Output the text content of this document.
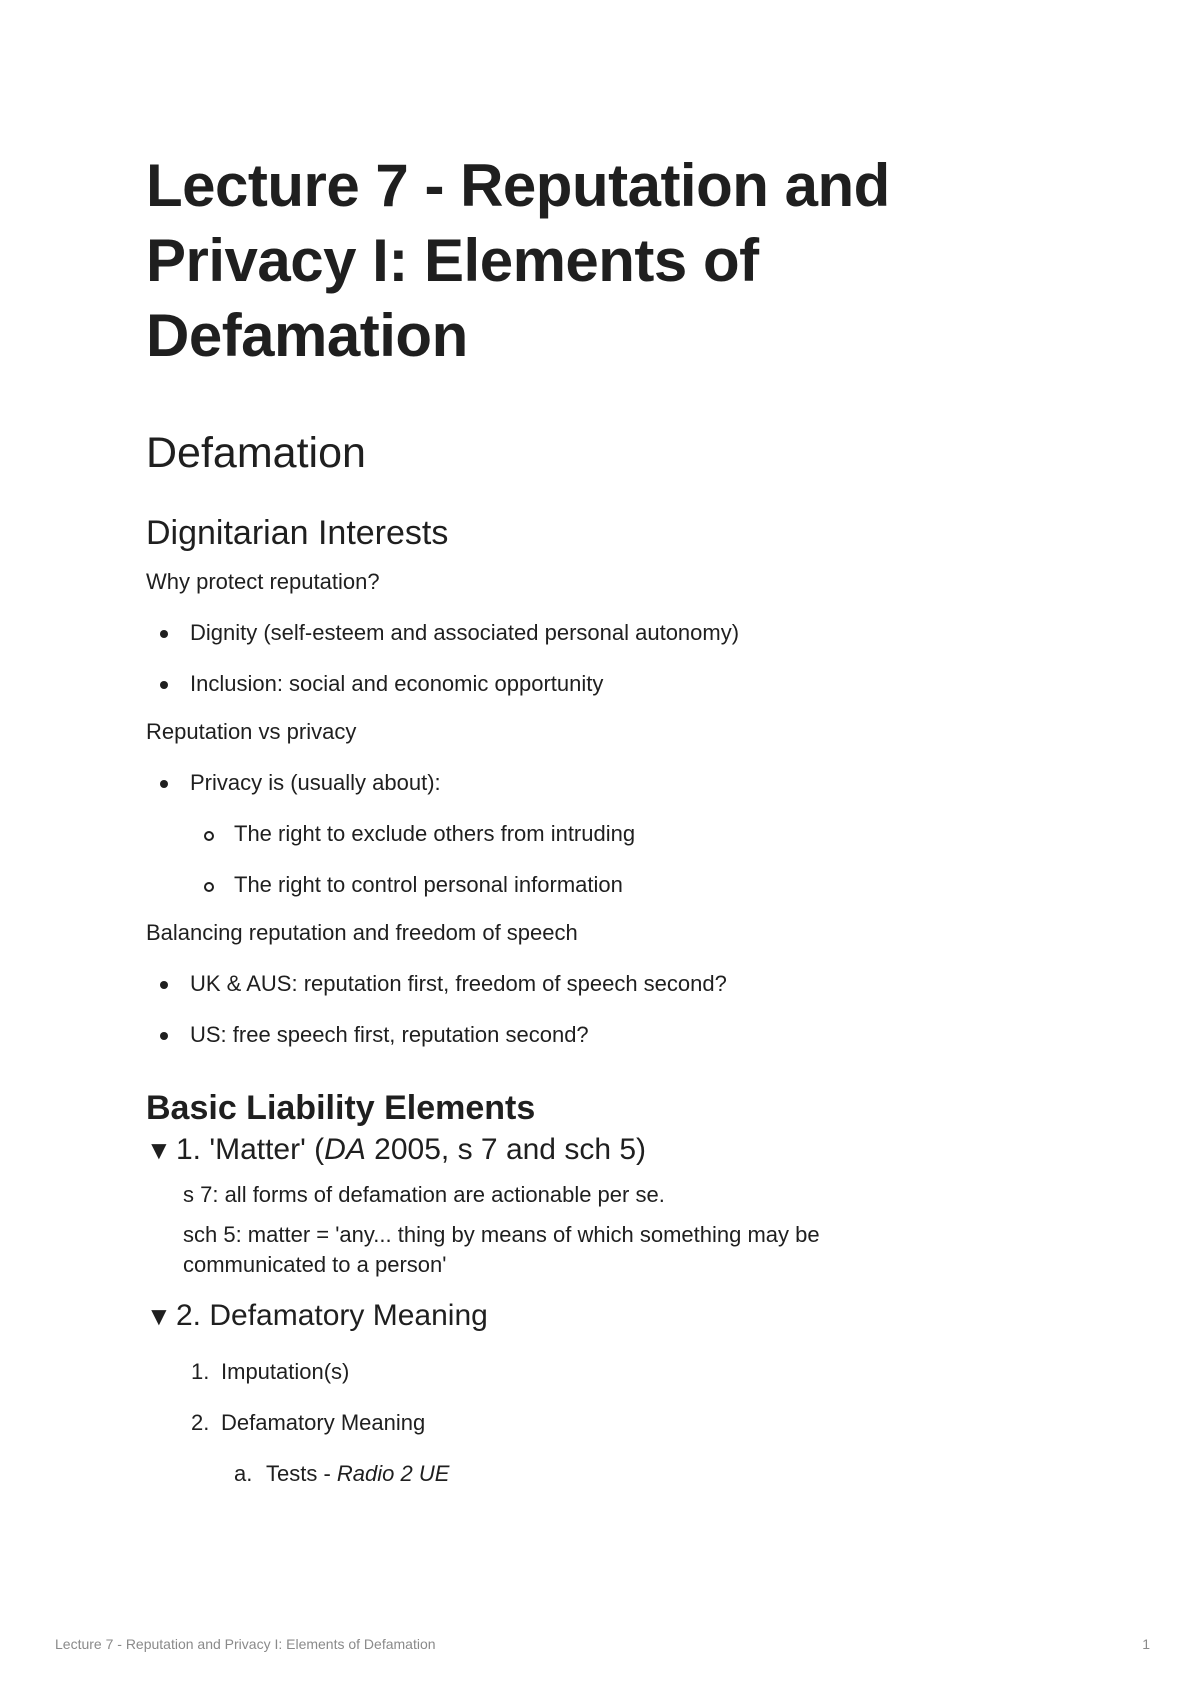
Lecture 7 - Reputation and Privacy I: Elements of Defamation
Defamation
Dignitarian Interests

Why protect reputation?

Dignity (self-esteem and associated personal autonomy)
Inclusion: social and economic opportunity

Reputation vs privacy

Privacy is (usually about):
The right to exclude others from intruding
The right to control personal information

Balancing reputation and freedom of speech

UK & AUS: reputation first, freedom of speech second?
US: free speech first, reputation second?
Basic Liability Elements
▼ 1. 'Matter' (DA 2005, s 7 and sch 5)

s 7: all forms of defamation are actionable per se.

sch 5: matter = 'any... thing by means of which something may be communicated to a person'

▼ 2. Defamatory Meaning
1. Imputation(s)
2. Defamatory Meaning
a. Tests - Radio 2 UE
Lecture 7 - Reputation and Privacy I: Elements of Defamation	1
